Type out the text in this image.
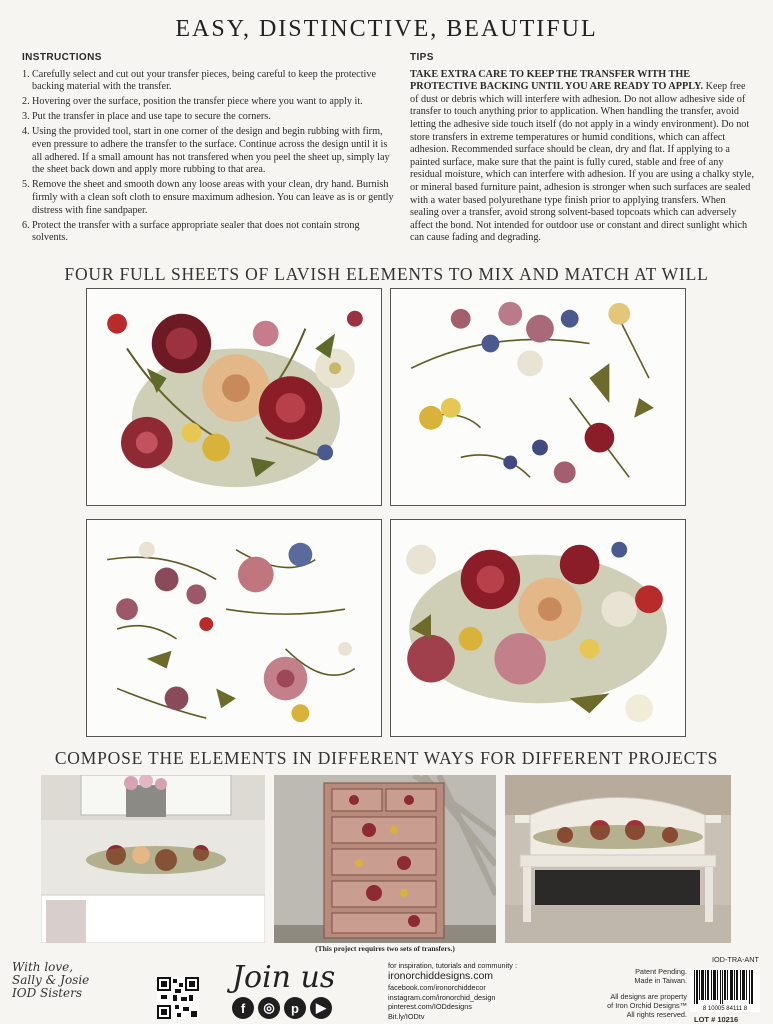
EASY, DISTINCTIVE, BEAUTIFUL
INSTRUCTIONS
1. Carefully select and cut out your transfer pieces, being careful to keep the protective backing material with the transfer.
2. Hovering over the surface, position the transfer piece where you want to apply it.
3. Put the transfer in place and use tape to secure the corners.
4. Using the provided tool, start in one corner of the design and begin rubbing with firm, even pressure to adhere the transfer to the surface. Continue across the design until it is all adhered. If a small amount has not transfered when you peel the sheet up, simply lay the sheet back down and apply more rubbing to that area.
5. Remove the sheet and smooth down any loose areas with your clean, dry hand. Burnish firmly with a clean soft cloth to ensure maximum adhesion. You can leave as is or gently distress with fine sandpaper.
6. Protect the transfer with a surface appropriate sealer that does not contain strong solvents.
TIPS

TAKE EXTRA CARE TO KEEP THE TRANSFER WITH THE PROTECTIVE BACKING UNTIL YOU ARE READY TO APPLY. Keep free of dust or debris which will interfere with adhesion. Do not allow adhesive side of transfer to touch anything prior to application. When handling the transfer, avoid letting the adhesive side touch itself (do not apply in a windy environment). Do not store transfers in extreme temperatures or humid conditions, which can affect adhesion. Recommended surface should be clean, dry and flat. If applying to a painted surface, make sure that the paint is fully cured, stable and free of any residual moisture, which can interfere with adhesion. If you are using a chalky style, or mineral based furniture paint, adhesion is stronger when such surfaces are sealed with a water based polyurethane type finish prior to applying transfers. When sealing over a transfer, avoid strong solvent-based topcoats which can adversely affect the bond. Not intended for outdoor use or constant and direct sunlight which can cause fading and degrading.

FOUR FULL SHEETS OF LAVISH ELEMENTS TO MIX AND MATCH AT WILL
COMPOSE THE ELEMENTS IN DIFFERENT WAYS FOR DIFFERENT PROJECTS
(This project requires two sets of transfers.)
With love,
Sally & Josie
IOD Sisters	Join us
f	◎	p	▶
for inspiration, tutorials and community :
ironorchiddesigns.com
facebook.com/ironorchiddecor
instagram.com/ironorchid_design
pinterest.com/IODdesigns
Bit.ly/IODtv
Patent Pending.
Made in Taiwan.
All designs are property
of Iron Orchid Designs™
All rights reserved.
IOD-TRA-ANT
8 10005 84111 8
LOT # 10216
